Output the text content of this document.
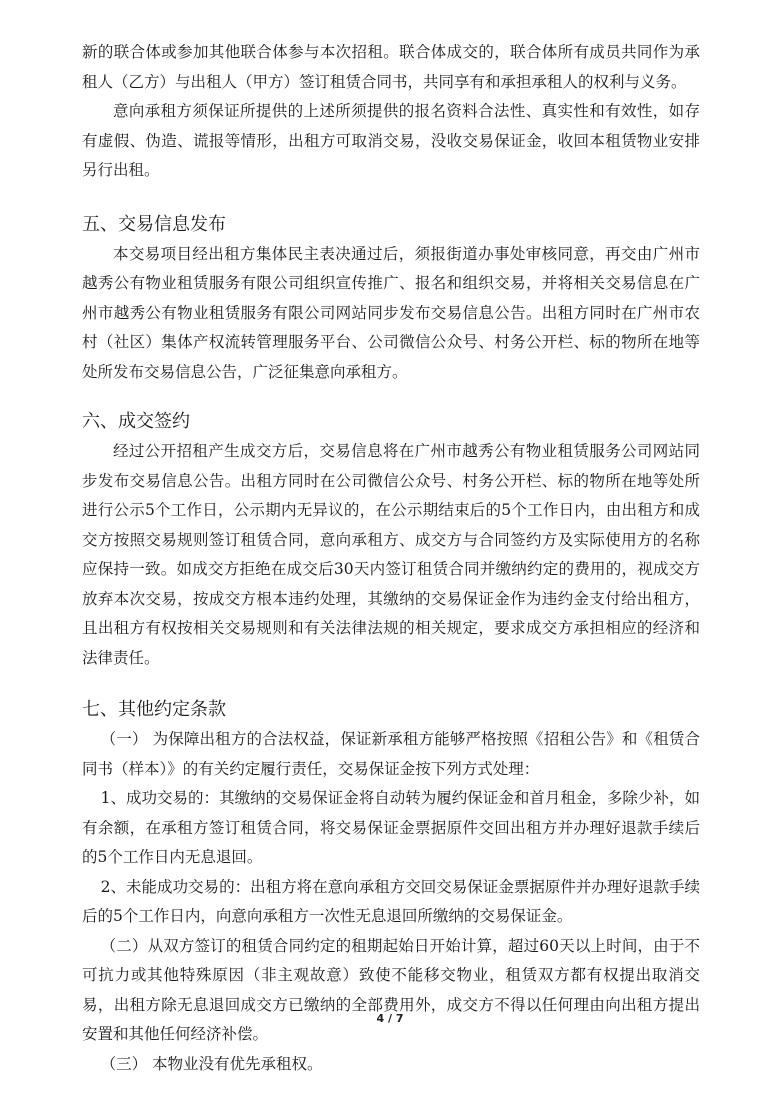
新的联合体或参加其他联合体参与本次招租。联合体成交的，联合体所有成员共同作为承租人（乙方）与出租人（甲方）签订租赁合同书，共同享有和承担承租人的权利与义务。

意向承租方须保证所提供的上述所须提供的报名资料合法性、真实性和有效性，如存有虚假、伪造、谎报等情形，出租方可取消交易，没收交易保证金，收回本租赁物业安排另行出租。

五、交易信息发布

本交易项目经出租方集体民主表决通过后，须报街道办事处审核同意，再交由广州市越秀公有物业租赁服务有限公司组织宣传推广、报名和组织交易，并将相关交易信息在广州市越秀公有物业租赁服务有限公司网站同步发布交易信息公告。出租方同时在广州市农村（社区）集体产权流转管理服务平台、公司微信公众号、村务公开栏、标的物所在地等处所发布交易信息公告，广泛征集意向承租方。

六、成交签约

经过公开招租产生成交方后，交易信息将在广州市越秀公有物业租赁服务公司网站同步发布交易信息公告。出租方同时在公司微信公众号、村务公开栏、标的物所在地等处所进行公示5个工作日，公示期内无异议的，在公示期结束后的5个工作日内，由出租方和成交方按照交易规则签订租赁合同，意向承租方、成交方与合同签约方及实际使用方的名称应保持一致。如成交方拒绝在成交后30天内签订租赁合同并缴纳约定的费用的，视成交方放弃本次交易，按成交方根本违约处理，其缴纳的交易保证金作为违约金支付给出租方，且出租方有权按相关交易规则和有关法律法规的相关规定，要求成交方承担相应的经济和法律责任。

七、其他约定条款

（一） 为保障出租方的合法权益，保证新承租方能够严格按照《招租公告》和《租赁合同书（样本）》的有关约定履行责任，交易保证金按下列方式处理：

1、成功交易的：其缴纳的交易保证金将自动转为履约保证金和首月租金，多除少补，如有余额，在承租方签订租赁合同，将交易保证金票据原件交回出租方并办理好退款手续后的5个工作日内无息退回。

2、未能成功交易的：出租方将在意向承租方交回交易保证金票据原件并办理好退款手续后的5个工作日内，向意向承租方一次性无息退回所缴纳的交易保证金。

（二）从双方签订的租赁合同约定的租期起始日开始计算，超过60天以上时间，由于不可抗力或其他特殊原因（非主观故意）致使不能移交物业，租赁双方都有权提出取消交易，出租方除无息退回成交方已缴纳的全部费用外，成交方不得以任何理由向出租方提出安置和其他任何经济补偿。

（三） 本物业没有优先承租权。

4 / 7
